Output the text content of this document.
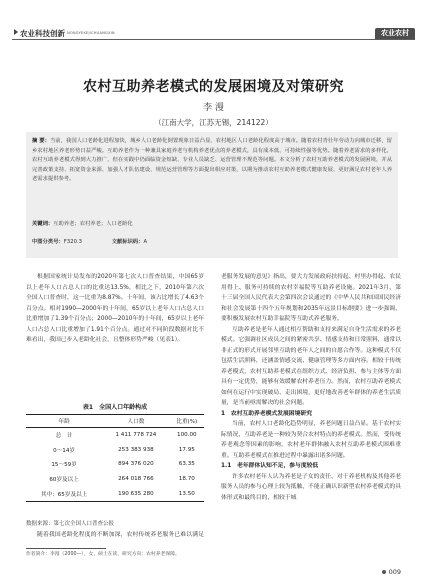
农业科技创新 $^{NONGYEKEJICHUANGXIN}$	农业农村
农村互助养老模式的发展困境及对策研究
李 漫
（江南大学，江苏无锡，214122）
摘 要：当前，我国人口老龄化进程加快，城乡人口老龄化倒置现象日益凸显，农村地区人口老龄化程度高于城市。随着农村青壮年劳动力向城市迁移，留乡农村地区养老形势日益严峻。互助养老作为一种兼具家庭养老与机构养老优点的养老模式，具有成本低、可持续性强等优势。随着养老需求的多样化，农村互助养老模式得到大力推广，但在实践中仍面临资金短缺、专业人员缺乏、运营管理不规范等问题。本文分析了农村互助养老模式的发展困境，并从完善政策支持、拓宽资金来源、加强人才队伍建设、规范运营管理等方面提出相应对策，以期为推动农村互助养老模式健康发展、更好满足农村老年人养老需求提供参考。
关键词：互助养老；农村养老；人口老龄化
中图分类号：F320.3	文献标识码：A

根据国家统计局发布的2020年第七次人口普查结果，中国65岁以上老年人口占总人口的比重达13.5%，相比之下，2010年第六次全国人口普查时，这一比重为8.87%。十年间，该占比增长了4.63个百分点。相对1990—2000年的十年间，65岁以上老年人口占总人口比重增加了1.39个百分点；2000—2010年的十年间，65岁以上老年人口占总人口比重增加了1.91个百分点。通过对不同阶段数据对比不难看出，我国已步入老龄化社会，且整体形势严峻（见表1）。

表1　全国人口年龄构成
年龄	人口数	比重(%)
总　计	1 411 778 724	100.00
0～14岁	253 383 938	17.95
15～59岁	894 376 020	63.35
60岁及以上	264 018 766	18.70
其中：65岁及以上	190 635 280	13.50
数据来源：第七次全国人口普查公报

随着我国老龄化程度的不断加深，农村传统养老服务已难以满足

作者简介：李漫（2000—），女，硕士在读，研究方向：农村养老保障。

老服务发展的意见》指出，要大力发展政府扶持起、村里办得起、农民用得上、服务可持续的农村幸福院等互助养老设施。2021年3月，第十三届全国人民代表大会第四次会议通过的《中华人民共和国国民经济和社会发展第十四个五年规划和2035年远景目标纲要》进一步强调，要积极发展农村互助幸福院等互助式养老服务。

互助养老是老年人通过相互帮助和支持来满足自身生活需求的养老模式。它强调社区成员之间的紧密共享、情感支持和日常照料，通常以非正式的形式开展邻里互助的老年人之间的自愿合作等。这种模式不仅包括生活照料，还涵盖情感交流、健康管理等多方面内容。相较于传统养老模式，农村互助养老模式在组织方式、经济负担、参与主体等方面具有一定优势，能够有效缓解农村养老压力。然而，农村互助养老模式如何在运行中实现破局、走出困境，更好地改善老年群体的养老生活质量，是当前亟需解决的社会问题。

1　农村互助养老模式发展困境研究

当前，农村人口老龄化趋势明显，养老问题日益凸显。基于农村实际情况，互助养老是一种较为契合农村特点的养老模式。然而，受传统养老观念等因素的影响，农村老年群体融入农村互助养老模式困难重重。互助养老模式在推进过程中暴露出诸多问题。

1.1　老年群体认知不足，参与度较低

许多农村老年人认为养老是子女的责任，对于养老机构及其他养老服务人员的参与心理上较为抵触，不能正确认识新型农村养老模式的具体形式和最终目的，相较于城

009
